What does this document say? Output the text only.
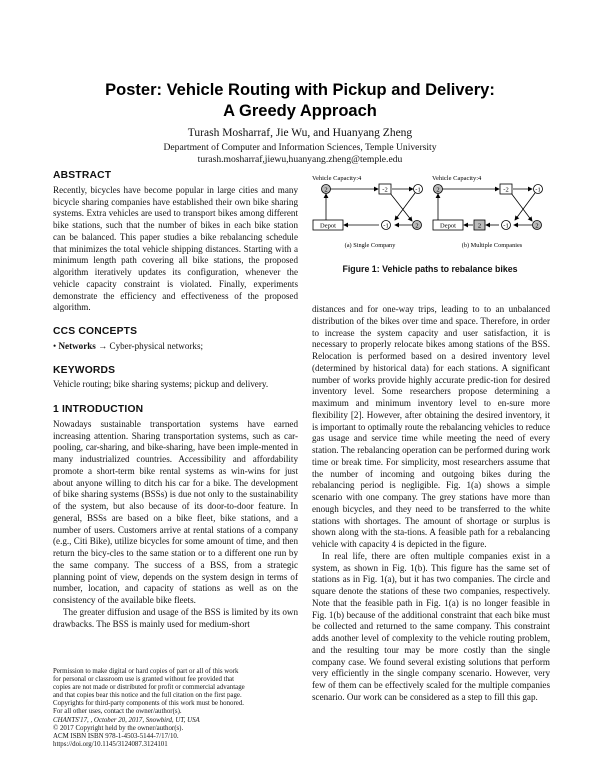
Poster: Vehicle Routing with Pickup and Delivery:
A Greedy Approach
Turash Mosharraf, Jie Wu, and Huanyang Zheng
Department of Computer and Information Sciences, Temple University
turash.mosharraf,jiewu,huanyang.zheng@temple.edu
ABSTRACT

Recently, bicycles have become popular in large cities and many bicycle sharing companies have established their own bike sharing systems. Extra vehicles are used to transport bikes among different bike stations, such that the number of bikes in each bike station can be balanced. This paper studies a bike rebalancing schedule that minimizes the total vehicle shipping distances. Starting with a minimum length path covering all bike stations, the proposed algorithm iteratively updates its configuration, whenever the vehicle capacity constraint is violated. Finally, experiments demonstrate the efficiency and effectiveness of the proposed algorithm.

CCS CONCEPTS

• Networks → Cyber-physical networks;

KEYWORDS

Vehicle routing; bike sharing systems; pickup and delivery.

1 INTRODUCTION

Nowadays sustainable transportation systems have earned increasing attention. Sharing transportation systems, such as car-pooling, car-sharing, and bike-sharing, have been imple-mented in many industrialized countries. Accessibility and affordability promote a short-term bike rental systems as win-wins for just about anyone willing to ditch his car for a bike. The development of bike sharing systems (BSSs) is due not only to the sustainability of the system, but also because of its door-to-door feature. In general, BSSs are based on a bike fleet, bike stations, and a number of users. Customers arrive at rental stations of a company (e.g., Citi Bike), utilize bicycles for some amount of time, and then return the bicy-cles to the same station or to a different one run by the same company. The success of a BSS, from a strategic planning point of view, depends on the system design in terms of number, location, and capacity of stations as well as on the consistency of the available bike fleets.

The greater diffusion and usage of the BSS is limited by its own drawbacks. The BSS is mainly used for medium-short

Permission to make digital or hard copies of part or all of this work
for personal or classroom use is granted without fee provided that
copies are not made or distributed for profit or commercial advantage
and that copies bear this notice and the full citation on the first page.
Copyrights for third-party components of this work must be honored.
For all other uses, contact the owner/author(s).
CHANTS'17, , October 20, 2017, Snowbird, UT, USA
© 2017 Copyright held by the owner/author(s).
ACM ISBN ISBN 978-1-4503-5144-7/17/10.
https://doi.org/10.1145/3124087.3124101
Vehicle Capacity:4
2	-2	-1
Depot	-1	2
(a) Single Company
Vehicle Capacity:4
2	-2	-1
Depot	2	-1	2
(b) Multiple Companies
Figure 1: Vehicle paths to rebalance bikes

distances and for one-way trips, leading to to an unbalanced distribution of the bikes over time and space. Therefore, in order to increase the system capacity and user satisfaction, it is necessary to properly relocate bikes among stations of the BSS. Relocation is performed based on a desired inventory level (determined by historical data) for each stations. A significant number of works provide highly accurate predic-tion for desired inventory level. Some researchers propose determining a maximum and minimum inventory level to en-sure more flexibility [2]. However, after obtaining the desired inventory, it is important to optimally route the rebalancing vehicles to reduce gas usage and service time while meeting the need of every station. The rebalancing operation can be performed during work time or break time. For simplicity, most researchers assume that the number of incoming and outgoing bikes during the rebalancing period is negligible. Fig. 1(a) shows a simple scenario with one company. The grey stations have more than enough bicycles, and they need to be transferred to the white stations with shortages. The amount of shortage or surplus is shown along with the sta-tions. A feasible path for a rebalancing vehicle with capacity 4 is depicted in the figure.

In real life, there are often multiple companies exist in a system, as shown in Fig. 1(b). This figure has the same set of stations as in Fig. 1(a), but it has two companies. The circle and square denote the stations of these two companies, respectively. Note that the feasible path in Fig. 1(a) is no longer feasible in Fig. 1(b) because of the additional constraint that each bike must be collected and returned to the same company. This constraint adds another level of complexity to the vehicle routing problem, and the resulting tour may be more costly than the single company case. We found several existing solutions that perform very efficiently in the single company scenario. However, very few of them can be effectively scaled for the multiple companies scenario. Our work can be considered as a step to fill this gap.
